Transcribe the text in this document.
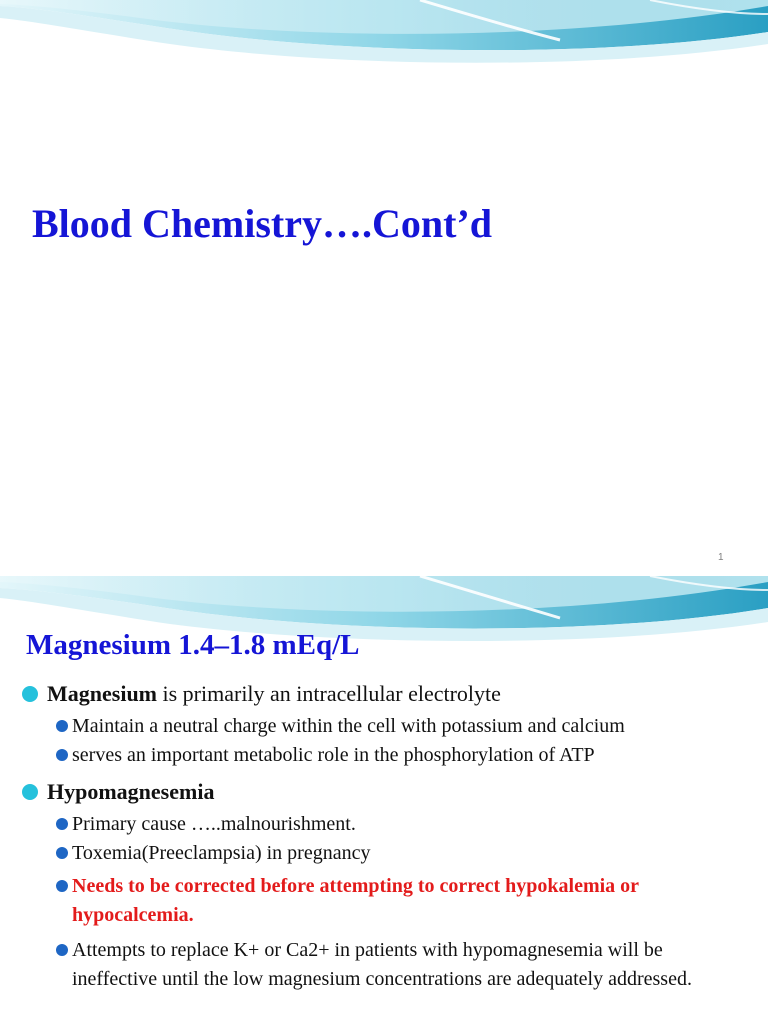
Blood Chemistry….Cont’d
1
Magnesium 1.4–1.8 mEq/L
Magnesium is primarily an intracellular electrolyte
Maintain a neutral charge within the cell with potassium and calcium
serves an important metabolic role in the phosphorylation of ATP
Hypomagnesemia
Primary cause …..malnourishment.
Toxemia(Preeclampsia) in pregnancy
Needs to be corrected before attempting to correct hypokalemia or hypocalcemia.
Attempts to replace K+ or Ca2+ in patients with hypomagnesemia will be ineffective until the low magnesium concentrations are adequately addressed.
